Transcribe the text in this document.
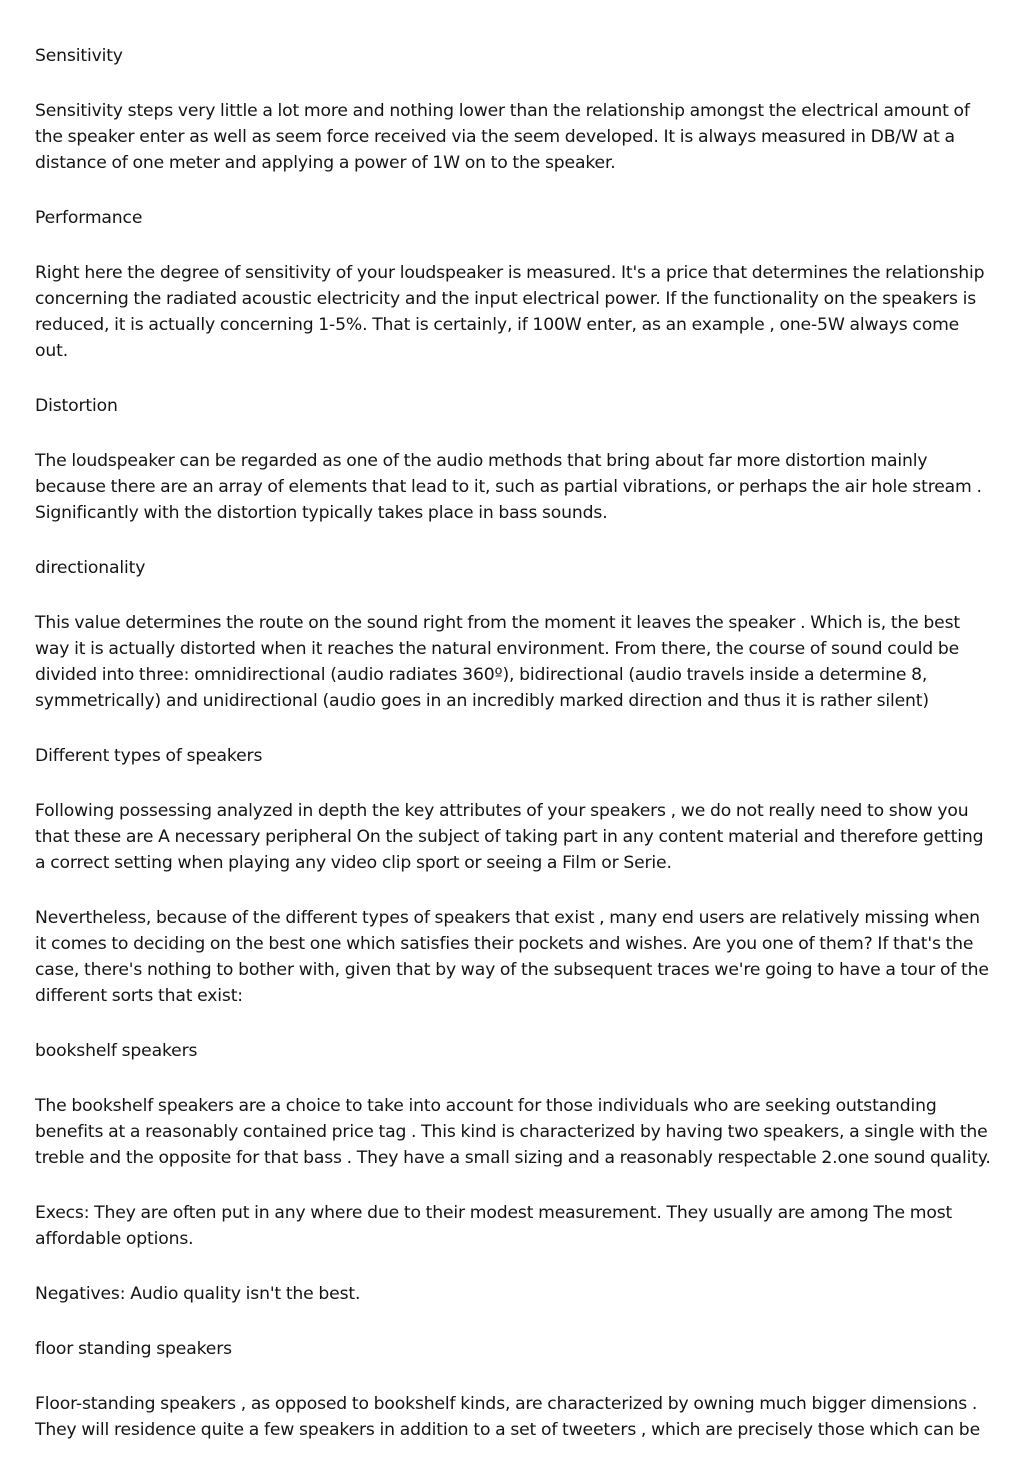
Sensitivity

Sensitivity steps very little a lot more and nothing lower than the relationship amongst the electrical amount of the speaker enter as well as seem force received via the seem developed. It is always measured in DB/W at a distance of one meter and applying a power of 1W on to the speaker.

Performance

Right here the degree of sensitivity of your loudspeaker is measured. It's a price that determines the relationship concerning the radiated acoustic electricity and the input electrical power. If the functionality on the speakers is reduced, it is actually concerning 1-5%. That is certainly, if 100W enter, as an example , one-5W always come out.

Distortion

The loudspeaker can be regarded as one of the audio methods that bring about far more distortion mainly because there are an array of elements that lead to it, such as partial vibrations, or perhaps the air hole stream . Significantly with the distortion typically takes place in bass sounds.

directionality

This value determines the route on the sound right from the moment it leaves the speaker . Which is, the best way it is actually distorted when it reaches the natural environment. From there, the course of sound could be divided into three: omnidirectional (audio radiates 360º), bidirectional (audio travels inside a determine 8, symmetrically) and unidirectional (audio goes in an incredibly marked direction and thus it is rather silent)

Different types of speakers

Following possessing analyzed in depth the key attributes of your speakers , we do not really need to show you that these are A necessary peripheral On the subject of taking part in any content material and therefore getting a correct setting when playing any video clip sport or seeing a Film or Serie.

Nevertheless, because of the different types of speakers that exist , many end users are relatively missing when it comes to deciding on the best one which satisfies their pockets and wishes. Are you one of them? If that's the case, there's nothing to bother with, given that by way of the subsequent traces we're going to have a tour of the different sorts that exist:

bookshelf speakers

The bookshelf speakers are a choice to take into account for those individuals who are seeking outstanding benefits at a reasonably contained price tag . This kind is characterized by having two speakers, a single with the treble and the opposite for that bass . They have a small sizing and a reasonably respectable 2.one sound quality.

Execs: They are often put in any where due to their modest measurement. They usually are among The most affordable options.

Negatives: Audio quality isn't the best.

floor standing speakers

Floor-standing speakers , as opposed to bookshelf kinds, are characterized by owning much bigger dimensions . They will residence quite a few speakers in addition to a set of tweeters , which are precisely those which can be
